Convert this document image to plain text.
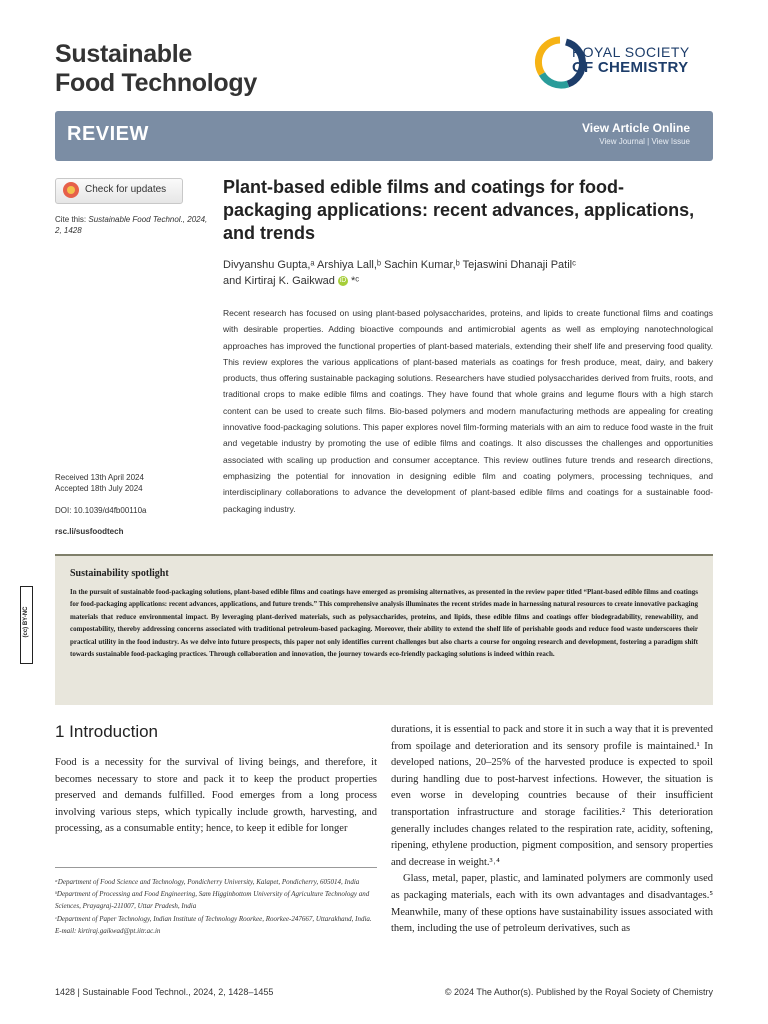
Sustainable
Food Technology
ROYAL SOCIETY
OF CHEMISTRY
REVIEW	View Article Online
View Journal | View Issue
Check for updates
Cite this: Sustainable Food Technol., 2024, 2, 1428
Received 13th April 2024
Accepted 18th July 2024
DOI: 10.1039/d4fb00110a
rsc.li/susfoodtech
Plant-based edible films and coatings for food-packaging applications: recent advances, applications, and trends
Divyanshu Gupta,ᵃ Arshiya Lall,ᵇ Sachin Kumar,ᵇ Tejaswini Dhanaji Patilᶜ
and Kirtiraj K. Gaikwad iD *ᶜ
Recent research has focused on using plant-based polysaccharides, proteins, and lipids to create functional films and coatings with desirable properties. Adding bioactive compounds and antimicrobial agents as well as employing nanotechnological approaches has improved the functional properties of plant-based materials, extending their shelf life and preserving food quality. This review explores the various applications of plant-based materials as coatings for fresh produce, meat, dairy, and bakery products, thus offering sustainable packaging solutions. Researchers have studied polysaccharides derived from fruits, roots, and traditional crops to make edible films and coatings. They have found that whole grains and legume flours with a high starch content can be used to create such films. Bio-based polymers and modern manufacturing methods are appealing for creating innovative food-packaging solutions. This paper explores novel film-forming materials with an aim to reduce food waste in the fruit and vegetable industry by promoting the use of edible films and coatings. It also discusses the challenges and opportunities associated with scaling up production and consumer acceptance. This review outlines future trends and research directions, emphasizing the potential for innovation in designing edible film and coating polymers, processing techniques, and interdisciplinary collaborations to advance the development of plant-based edible films and coatings for a sustainable food-packaging industry.
Sustainability spotlight
In the pursuit of sustainable food-packaging solutions, plant-based edible films and coatings have emerged as promising alternatives, as presented in the review paper titled “Plant-based edible films and coatings for food-packaging applications: recent advances, applications, and future trends.” This comprehensive analysis illuminates the recent strides made in harnessing natural resources to create innovative packaging materials that reduce environmental impact. By leveraging plant-derived materials, such as polysaccharides, proteins, and lipids, these edible films and coatings offer biodegradability, renewability, and compostability, thereby addressing concerns associated with traditional petroleum-based packaging. Moreover, their ability to extend the shelf life of perishable goods and reduce food waste underscores their practical utility in the food industry. As we delve into future prospects, this paper not only identifies current challenges but also charts a course for ongoing research and development, fostering a paradigm shift towards sustainable food-packaging practices. Through collaboration and innovation, the journey towards eco-friendly packaging solutions is indeed within reach.
(cc) BY-NC
1 Introduction
Food is a necessity for the survival of living beings, and therefore, it becomes necessary to store and pack it to keep the product properties preserved and demands fulfilled. Food emerges from a long process involving various steps, which typically include growth, harvesting, and processing, as a consumable entity; hence, to keep it edible for longer
ᵃDepartment of Food Science and Technology, Pondicherry University, Kalapet, Pondicherry, 605014, India
ᵇDepartment of Processing and Food Engineering, Sam Higginbottom University of Agriculture Technology and Sciences, Prayagraj-211007, Uttar Pradesh, India
ᶜDepartment of Paper Technology, Indian Institute of Technology Roorkee, Roorkee-247667, Uttarakhand, India. E-mail: kirtiraj.gaikwad@pt.iitr.ac.in
durations, it is essential to pack and store it in such a way that it is prevented from spoilage and deterioration and its sensory profile is maintained.¹ In developed nations, 20–25% of the harvested produce is expected to spoil during handling due to post-harvest infections. However, the situation is even worse in developing countries because of their insufficient transportation infrastructure and storage facilities.² This deterioration generally includes changes related to the respiration rate, acidity, softening, ripening, ethylene production, pigment composition, and sensory properties and decrease in weight.³˒⁴
Glass, metal, paper, plastic, and laminated polymers are commonly used as packaging materials, each with its own advantages and disadvantages.⁵ Meanwhile, many of these options have sustainability issues associated with them, including the use of petroleum derivatives, such as
1428 | Sustainable Food Technol., 2024, 2, 1428–1455	© 2024 The Author(s). Published by the Royal Society of Chemistry
